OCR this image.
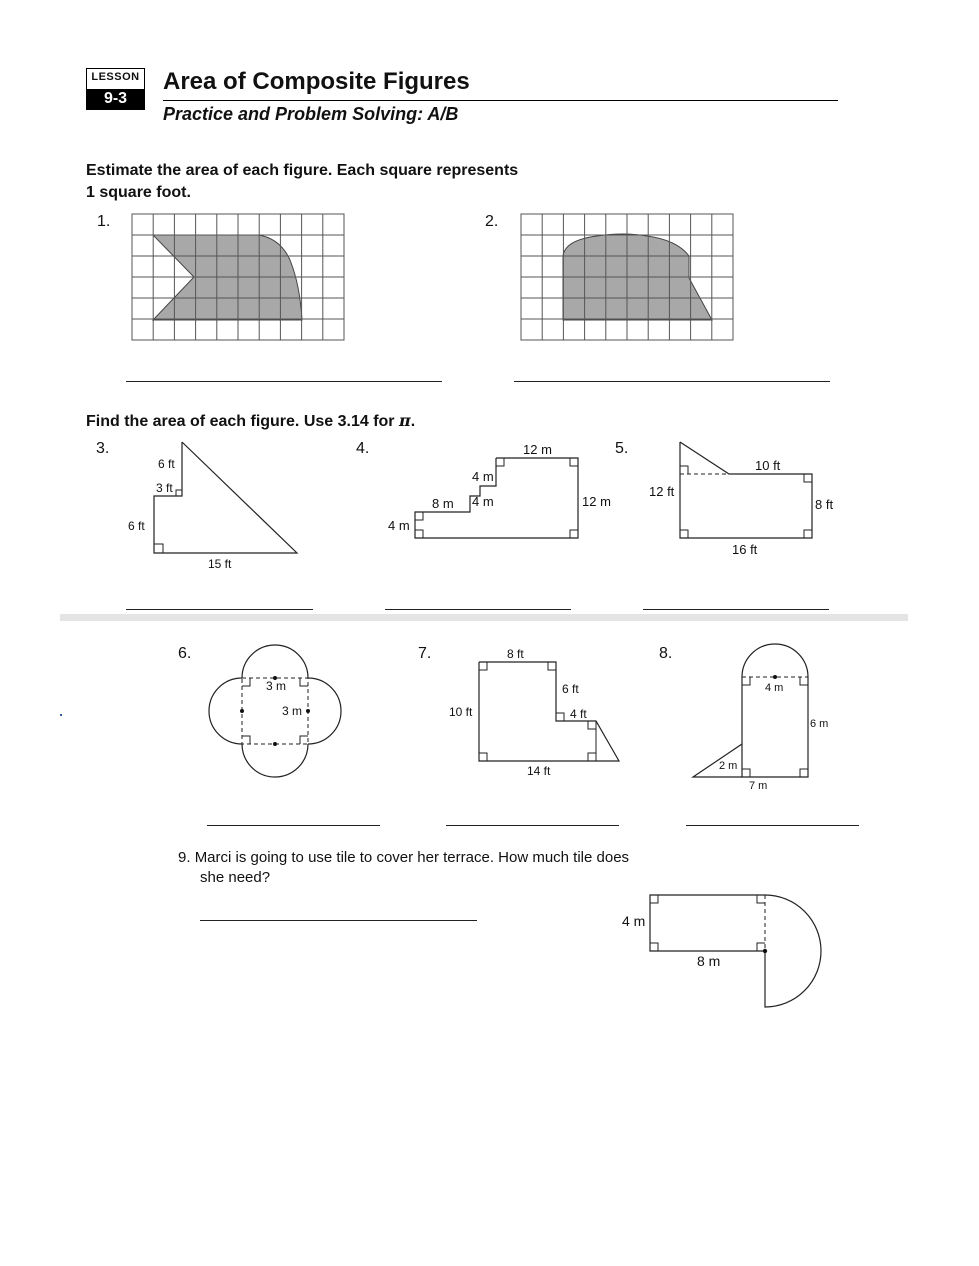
LESSON
9-3
Area of Composite Figures
Practice and Problem Solving: A/B
Estimate the area of each figure. Each square represents
1 square foot.
1.	2.
Find the area of each figure. Use 3.14 for π.
3.	4.	5.
6 ft
3 ft
6 ft
15 ft
12 m
4 m
8 m 4 m
4 m
12 m
10 ft
12 ft
8 ft
16 ft
6.	7.	8.
3 m
3 m
8 ft
10 ft
6 ft
4 ft
14 ft
4 m
6 m
2 m
7 m
9. Marci is going to use tile to cover her terrace. How much tile does
she need?
4 m
8 m
